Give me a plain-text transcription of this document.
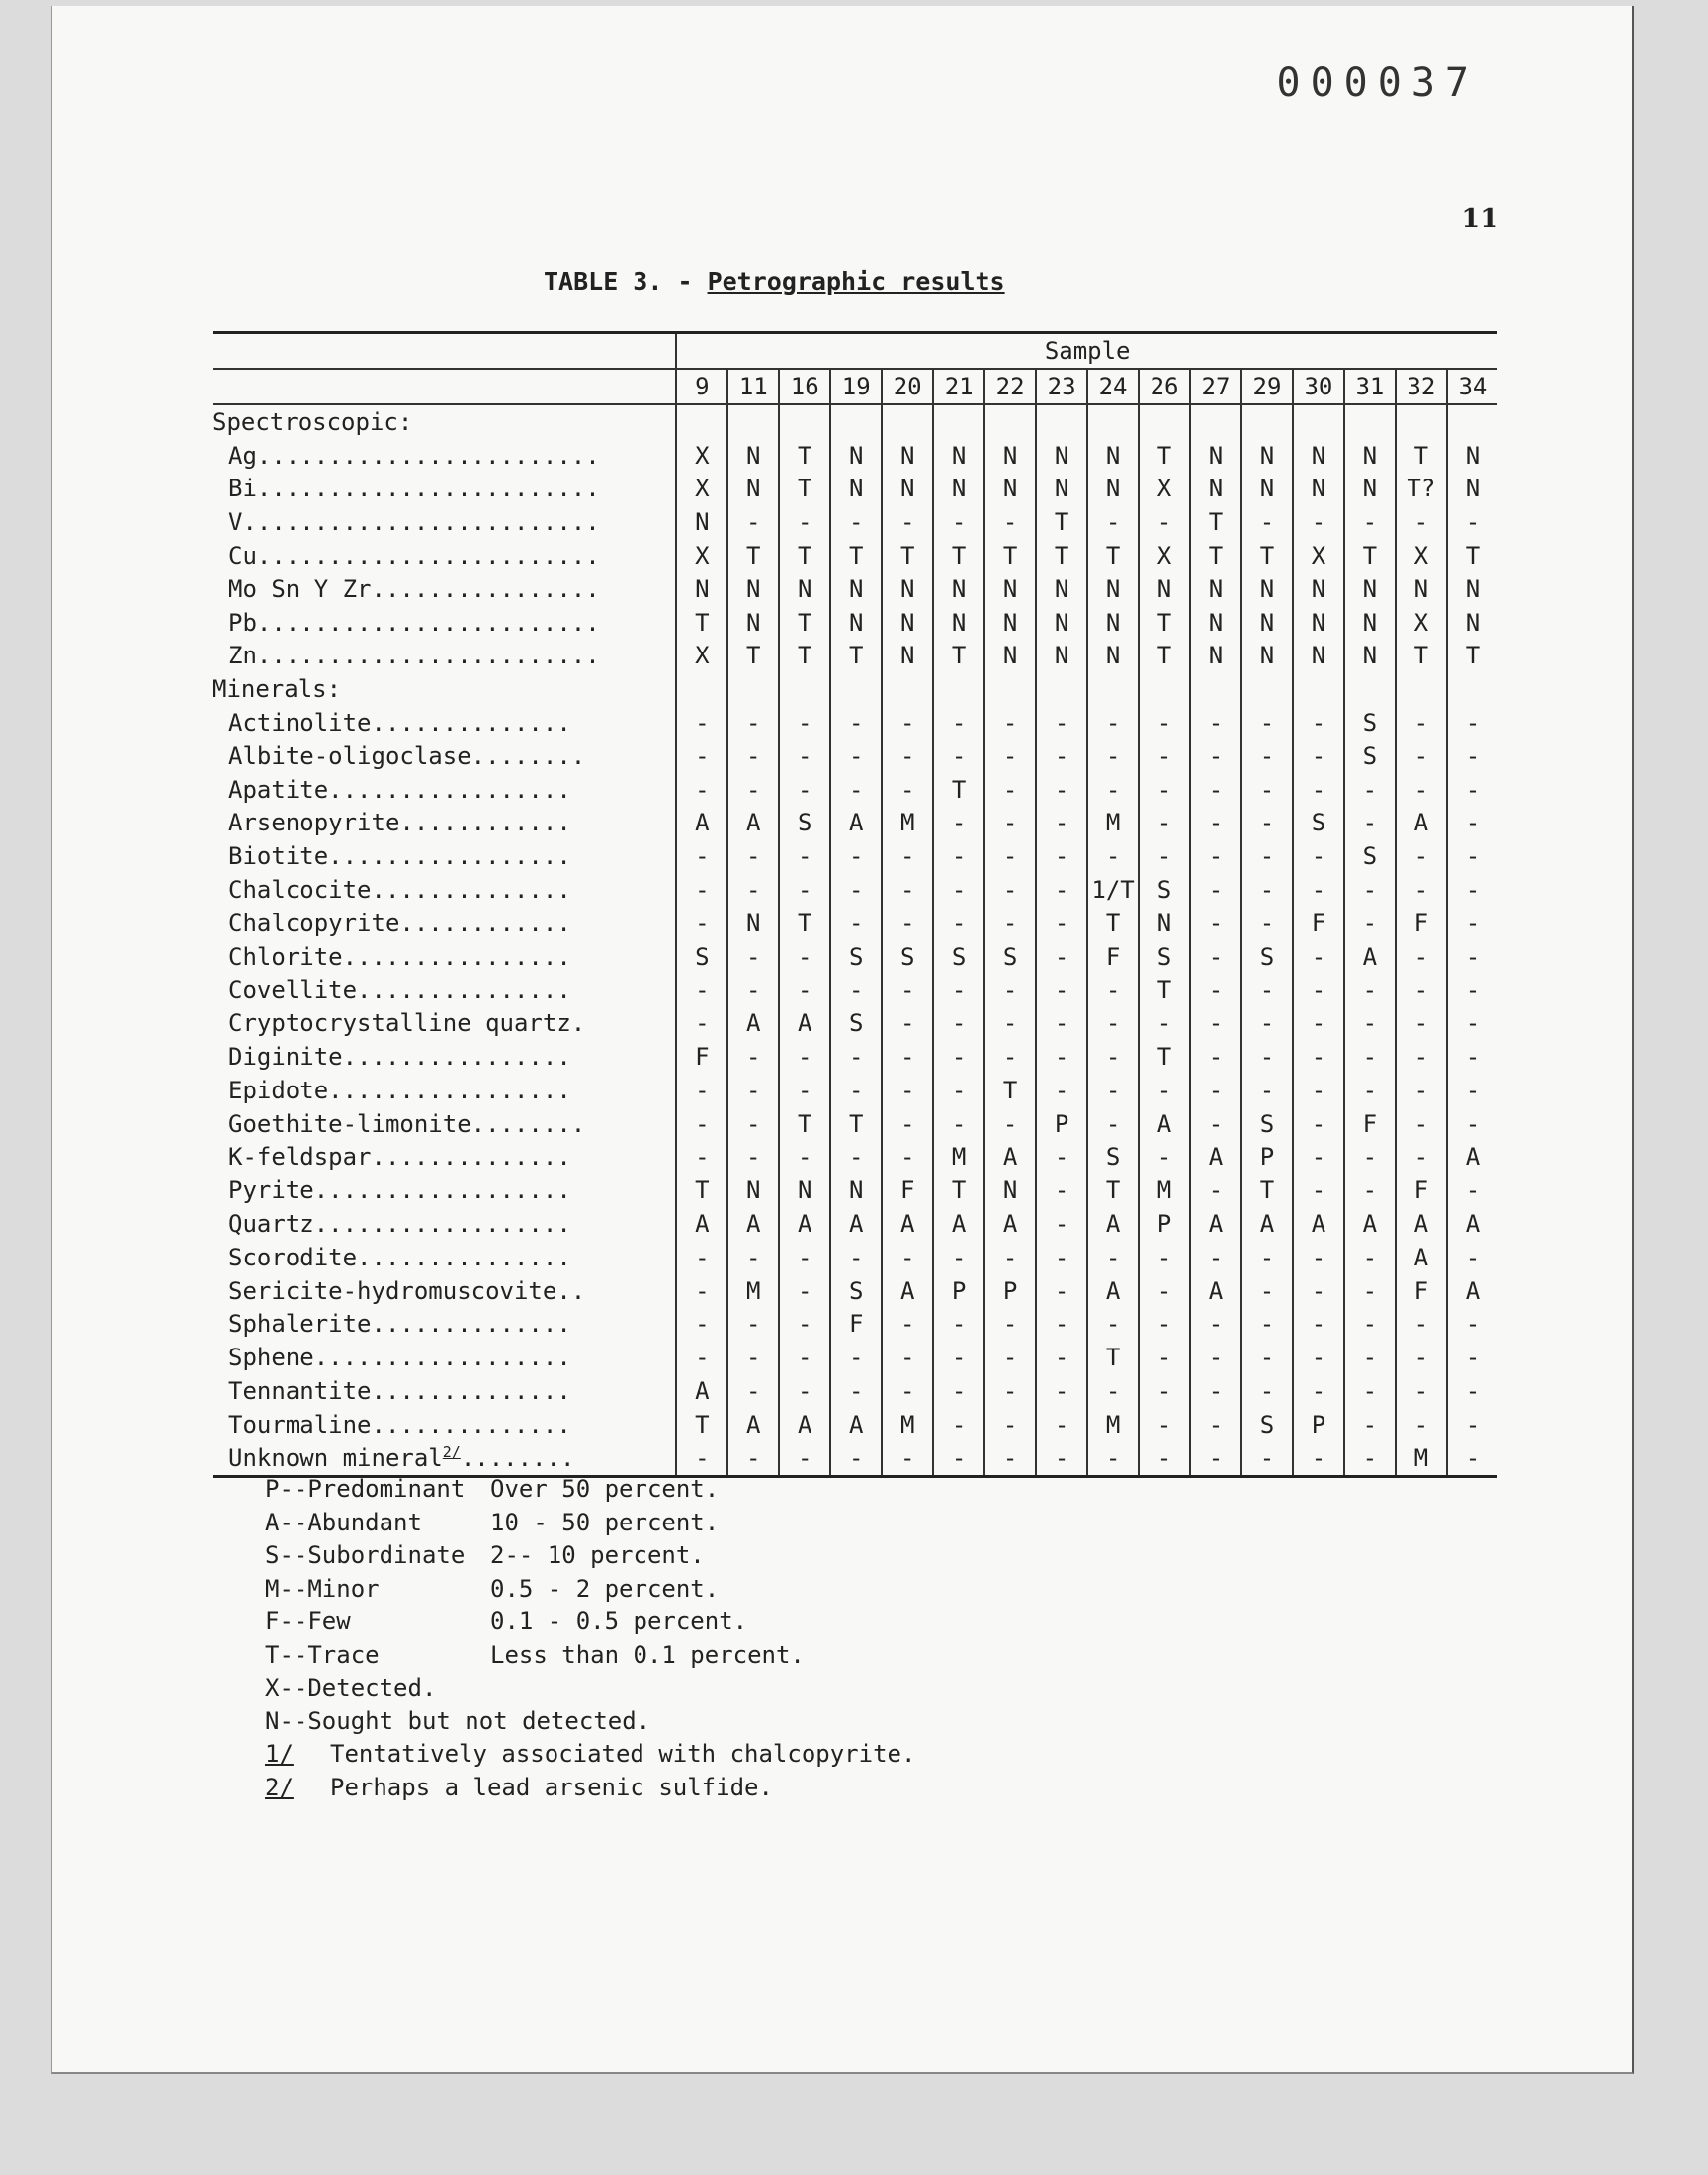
000037
11
TABLE 3. - Petrographic results
	Sample															
	9	11	16	19	20	21	22	23	24	26	27	29	30	31	32	34
Spectroscopic:																
Ag........................	X	N	T	N	N	N	N	N	N	T	N	N	N	N	T	N
Bi........................	X	N	T	N	N	N	N	N	N	X	N	N	N	N	T?	N
V.........................	N	-	-	-	-	-	-	T	-	-	T	-	-	-	-	-
Cu........................	X	T	T	T	T	T	T	T	T	X	T	T	X	T	X	T
Mo Sn Y Zr................	N	N	N	N	N	N	N	N	N	N	N	N	N	N	N	N
Pb........................	T	N	T	N	N	N	N	N	N	T	N	N	N	N	X	N
Zn........................	X	T	T	T	N	T	N	N	N	T	N	N	N	N	T	T
Minerals:																
Actinolite..............	-	-	-	-	-	-	-	-	-	-	-	-	-	S	-	-
Albite-oligoclase........	-	-	-	-	-	-	-	-	-	-	-	-	-	S	-	-
Apatite.................	-	-	-	-	-	T	-	-	-	-	-	-	-	-	-	-
Arsenopyrite............	A	A	S	A	M	-	-	-	M	-	-	-	S	-	A	-
Biotite.................	-	-	-	-	-	-	-	-	-	-	-	-	-	S	-	-
Chalcocite..............	-	-	-	-	-	-	-	-	1/T	S	-	-	-	-	-	-
Chalcopyrite............	-	N	T	-	-	-	-	-	T	N	-	-	F	-	F	-
Chlorite................	S	-	-	S	S	S	S	-	F	S	-	S	-	A	-	-
Covellite...............	-	-	-	-	-	-	-	-	-	T	-	-	-	-	-	-
Cryptocrystalline quartz.	-	A	A	S	-	-	-	-	-	-	-	-	-	-	-	-
Diginite................	F	-	-	-	-	-	-	-	-	T	-	-	-	-	-	-
Epidote.................	-	-	-	-	-	-	T	-	-	-	-	-	-	-	-	-
Goethite-limonite........	-	-	T	T	-	-	-	P	-	A	-	S	-	F	-	-
K-feldspar..............	-	-	-	-	-	M	A	-	S	-	A	P	-	-	-	A
Pyrite..................	T	N	N	N	F	T	N	-	T	M	-	T	-	-	F	-
Quartz..................	A	A	A	A	A	A	A	-	A	P	A	A	A	A	A	A
Scorodite...............	-	-	-	-	-	-	-	-	-	-	-	-	-	-	A	-
Sericite-hydromuscovite..	-	M	-	S	A	P	P	-	A	-	A	-	-	-	F	A
Sphalerite..............	-	-	-	F	-	-	-	-	-	-	-	-	-	-	-	-
Sphene..................	-	-	-	-	-	-	-	-	T	-	-	-	-	-	-	-
Tennantite..............	A	-	-	-	-	-	-	-	-	-	-	-	-	-	-	-
Tourmaline..............	T	A	A	A	M	-	-	-	M	-	-	S	P	-	-	-
Unknown mineral$^{2/}$........	-	-	-	-	-	-	-	-	-	-	-	-	-	-	M	-
P--Predominant Over 50 percent.
A--Abundant	10 - 50 percent.
S--Subordinate 2-- 10 percent.
M--Minor	0.5 - 2 percent.
F--Few	0.1 - 0.5 percent.
T--Trace	Less than 0.1 percent.
X--Detected.
N--Sought but not detected.
1/ Tentatively associated with chalcopyrite.
2/ Perhaps a lead arsenic sulfide.
